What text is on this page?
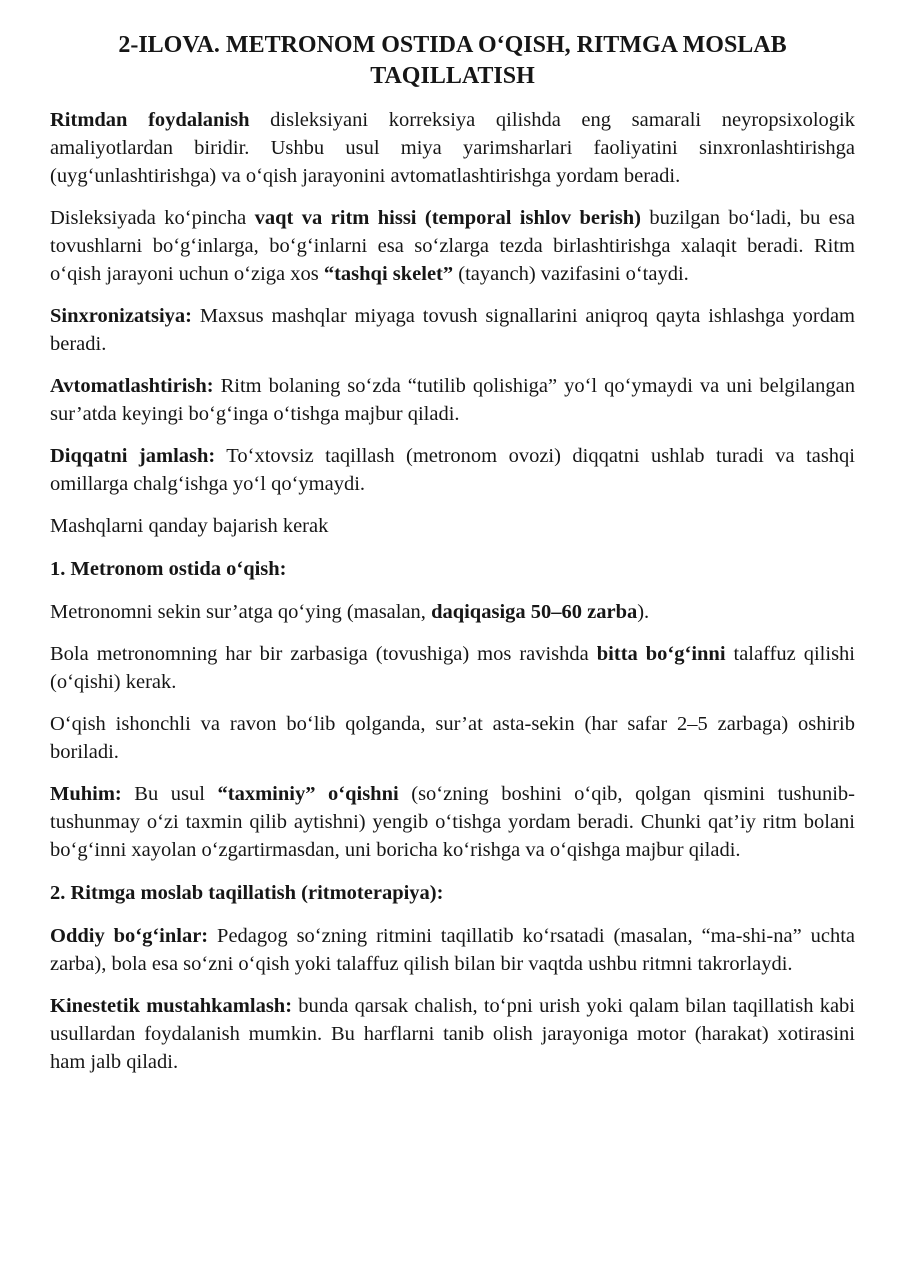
2-ILOVA. METRONOM OSTIDA OʻQISH, RITMGA MOSLAB TAQILLATISH

Ritmdan foydalanish disleksiyani korreksiya qilishda eng samarali neyropsixologik amaliyotlardan biridir. Ushbu usul miya yarimsharlari faoliyatini sinxronlashtirishga (uygʻunlashtirishga) va oʻqish jarayonini avtomatlashtirishga yordam beradi.

Disleksiyada koʻpincha vaqt va ritm hissi (temporal ishlov berish) buzilgan boʻladi, bu esa tovushlarni boʻgʻinlarga, boʻgʻinlarni esa soʻzlarga tezda birlashtirishga xalaqit beradi. Ritm oʻqish jarayoni uchun oʻziga xos “tashqi skelet” (tayanch) vazifasini oʻtaydi.

Sinxronizatsiya: Maxsus mashqlar miyaga tovush signallarini aniqroq qayta ishlashga yordam beradi.

Avtomatlashtirish: Ritm bolaning soʻzda “tutilib qolishiga” yoʻl qoʻymaydi va uni belgilangan sur’atda keyingi boʻgʻinga oʻtishga majbur qiladi.

Diqqatni jamlash: Toʻxtovsiz taqillash (metronom ovozi) diqqatni ushlab turadi va tashqi omillarga chalgʻishga yoʻl qoʻymaydi.

Mashqlarni qanday bajarish kerak

1. Metronom ostida oʻqish:

Metronomni sekin sur’atga qoʻying (masalan, daqiqasiga 50–60 zarba).

Bola metronomning har bir zarbasiga (tovushiga) mos ravishda bitta boʻgʻinni talaffuz qilishi (oʻqishi) kerak.

Oʻqish ishonchli va ravon boʻlib qolganda, sur’at asta-sekin (har safar 2–5 zarbaga) oshirib boriladi.

Muhim: Bu usul “taxminiy” oʻqishni (soʻzning boshini oʻqib, qolgan qismini tushunib-tushunmay oʻzi taxmin qilib aytishni) yengib oʻtishga yordam beradi. Chunki qat’iy ritm bolani boʻgʻinni xayolan oʻzgartirmasdan, uni boricha koʻrishga va oʻqishga majbur qiladi.

2. Ritmga moslab taqillatish (ritmoterapiya):

Oddiy boʻgʻinlar: Pedagog soʻzning ritmini taqillatib koʻrsatadi (masalan, “ma-shi-na” uchta zarba), bola esa soʻzni oʻqish yoki talaffuz qilish bilan bir vaqtda ushbu ritmni takrorlaydi.

Kinestetik mustahkamlash: bunda qarsak chalish, toʻpni urish yoki qalam bilan taqillatish kabi usullardan foydalanish mumkin. Bu harflarni tanib olish jarayoniga motor (harakat) xotirasini ham jalb qiladi.
